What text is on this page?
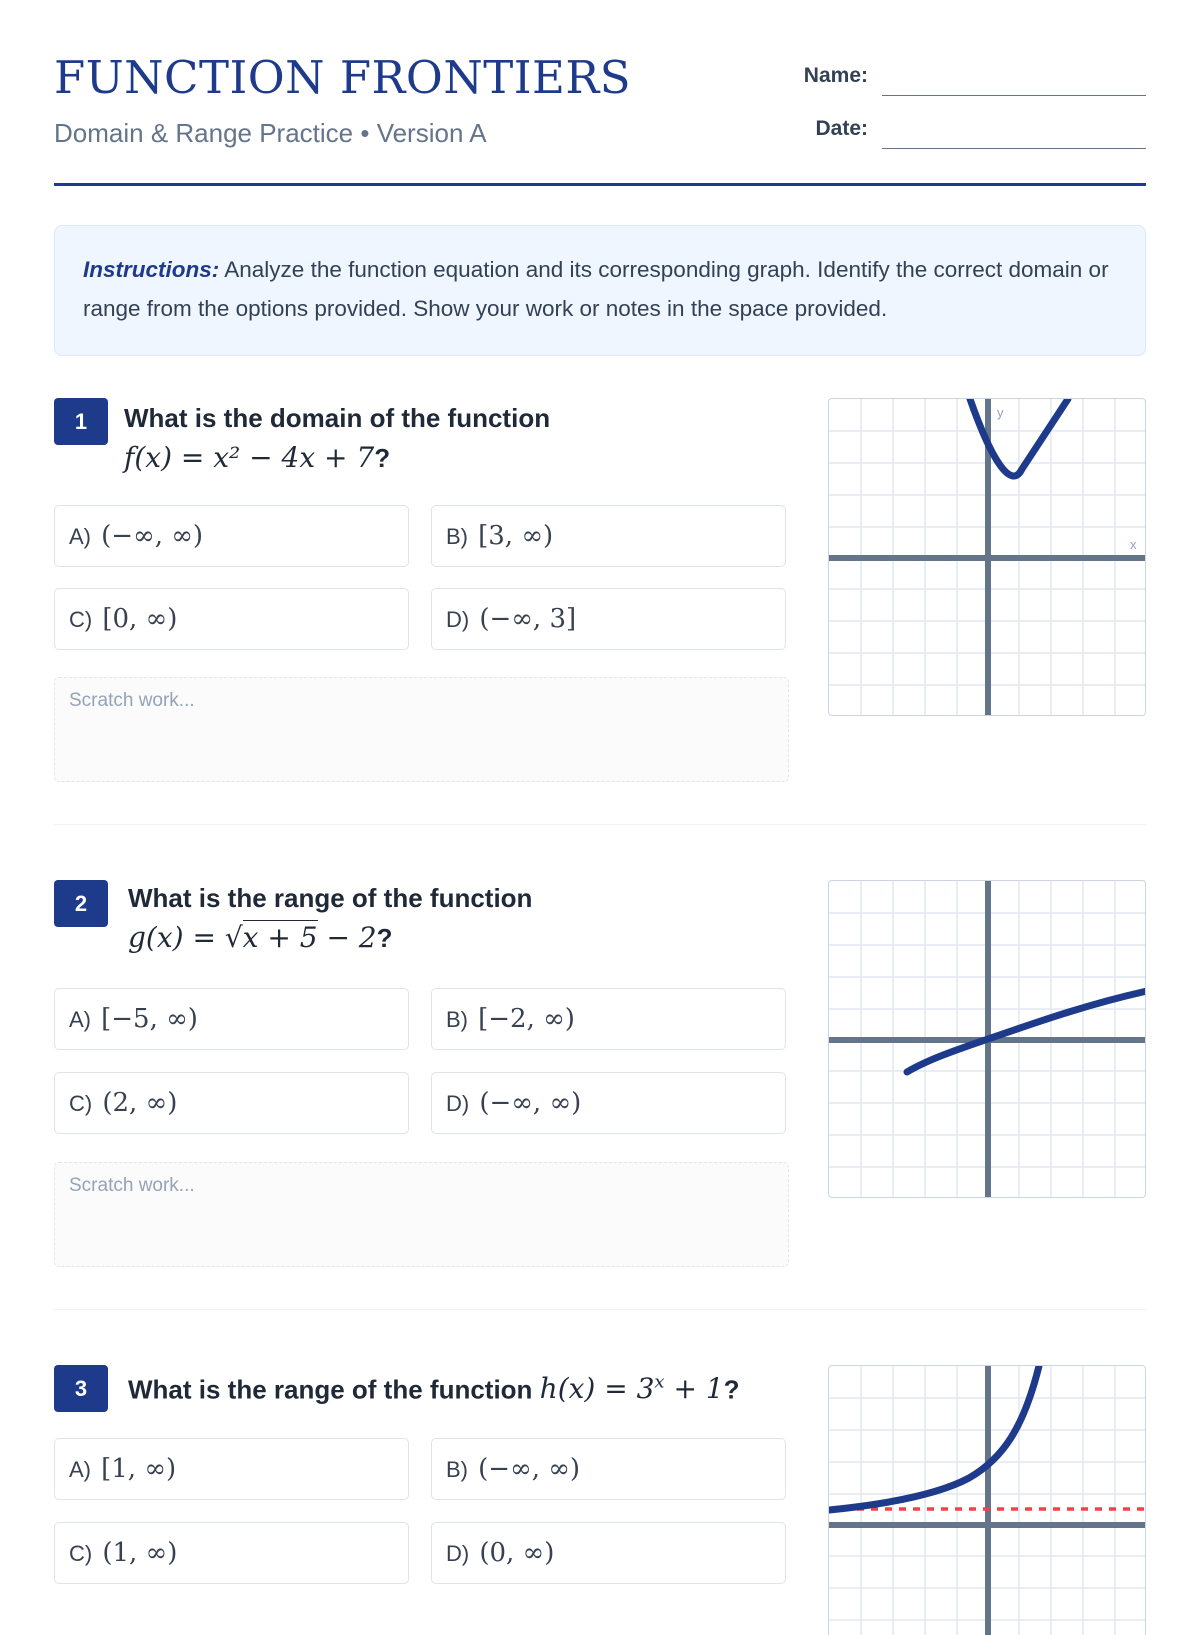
FUNCTION FRONTIERS
Domain & Range Practice • Version A
Name:
Date:
Instructions: Analyze the function equation and its corresponding graph. Identify the correct domain or range from the options provided. Show your work or notes in the space provided.
1	What is the domain of the function
f(x) = x² − 4x + 7?
A) (−∞, ∞)	B) [3, ∞)
C) [0, ∞)	D) (−∞, 3]
Scratch work...
y
x
2	What is the range of the function
g(x) = √x + 5 − 2?
A) [−5, ∞)	B) [−2, ∞)
C) (2, ∞)	D) (−∞, ∞)
Scratch work...
3	What is the range of the function $h(x) = 3^x + 1$?
A) [1, ∞)	B) (−∞, ∞)
C) (1, ∞)	D) (0, ∞)
